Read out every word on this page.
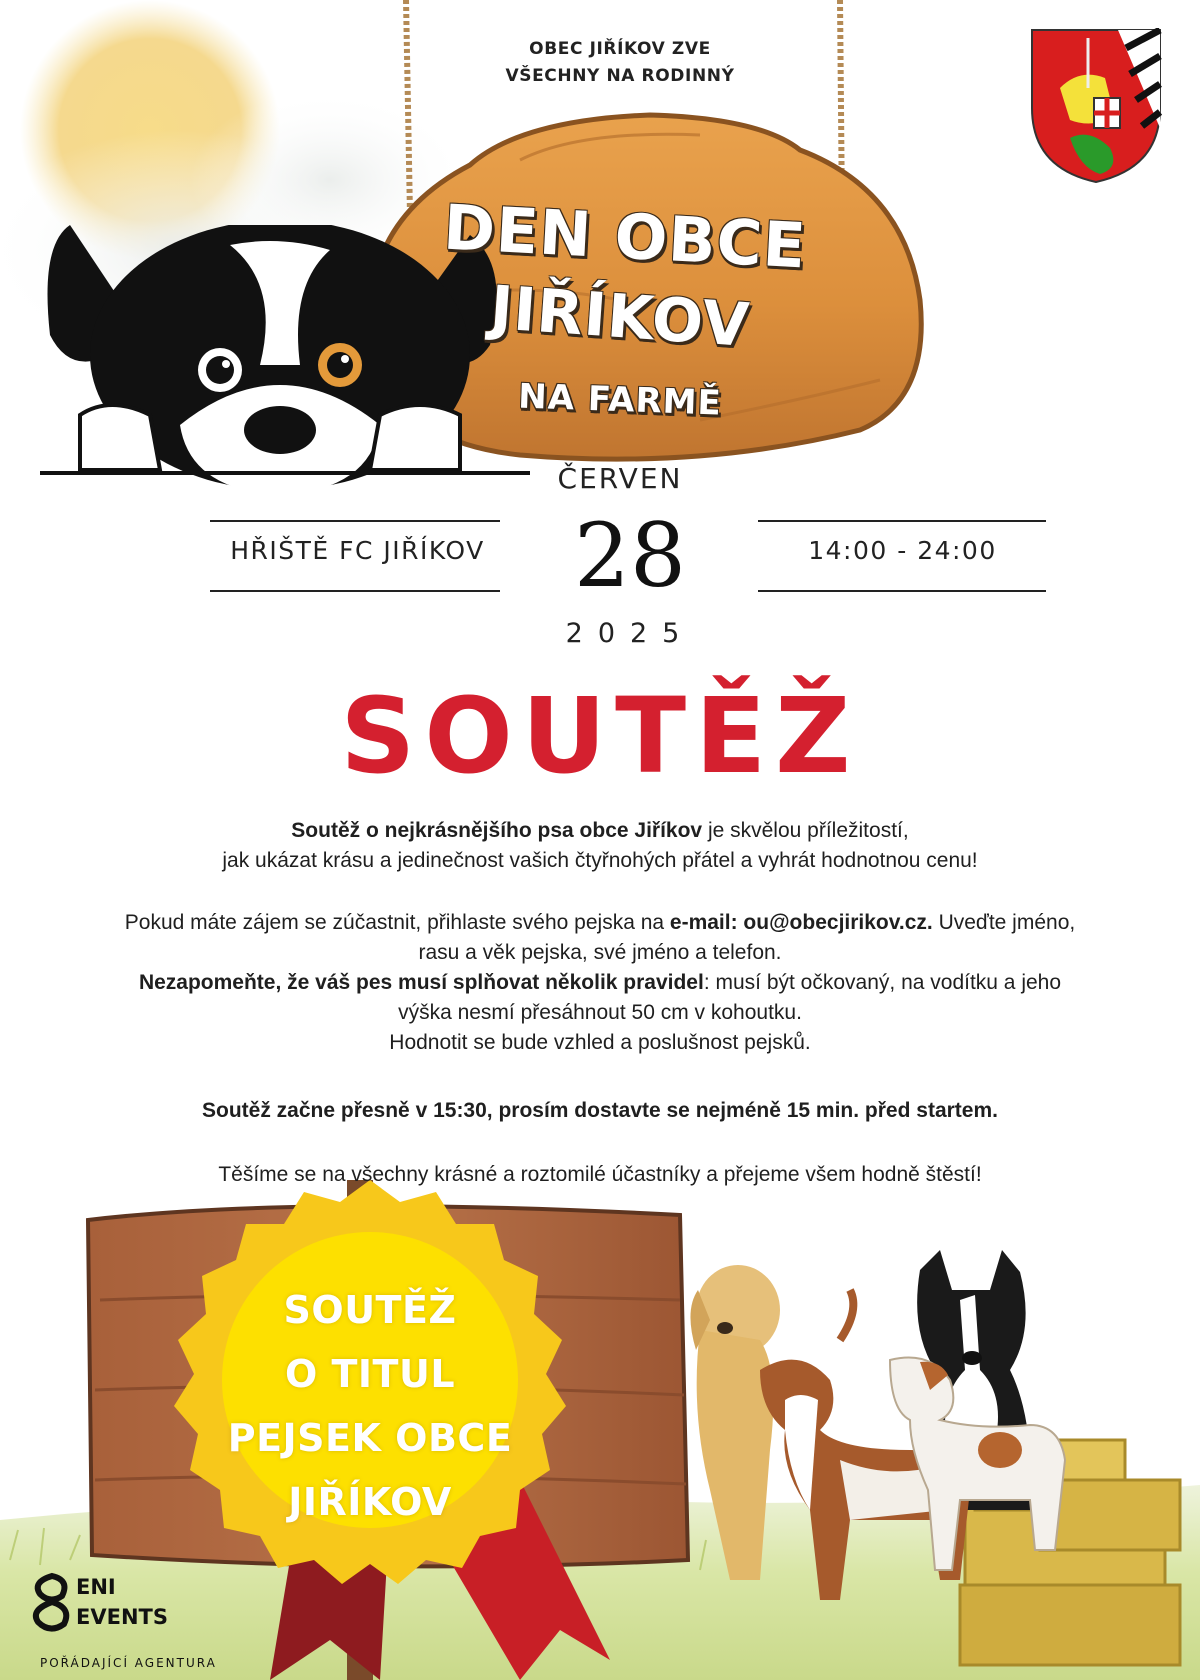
OBEC JIŘÍKOV ZVE
VŠECHNY NA RODINNÝ
DEN OBCE
JIŘÍKOV
NA FARMĚ
ČERVEN
28
2025
HŘIŠTĚ FC JIŘÍKOV	14:00 - 24:00
SOUTĚŽ
Soutěž o nejkrásnějšího psa obce Jiříkov je skvělou příležitostí,
jak ukázat krásu a jedinečnost vašich čtyřnohých přátel a vyhrát hodnotnou cenu!
Pokud máte zájem se zúčastnit, přihlaste svého pejska na e-mail: ou@obecjirikov.cz. Uveďte jméno,
rasu a věk pejska, své jméno a telefon.
Nezapomeňte, že váš pes musí splňovat několik pravidel: musí být očkovaný, na vodítku a jeho
výška nesmí přesáhnout 50 cm v kohoutku.
Hodnotit se bude vzhled a poslušnost pejsků.
Soutěž začne přesně v 15:30, prosím dostavte se nejméně 15 min. před startem.
Těšíme se na všechny krásné a roztomilé účastníky a přejeme všem hodně štěstí!
SOUTĚŽ
O TITUL
PEJSEK OBCE
JIŘÍKOV
ENI
EVENTS
POŘÁDAJÍCÍ AGENTURA
